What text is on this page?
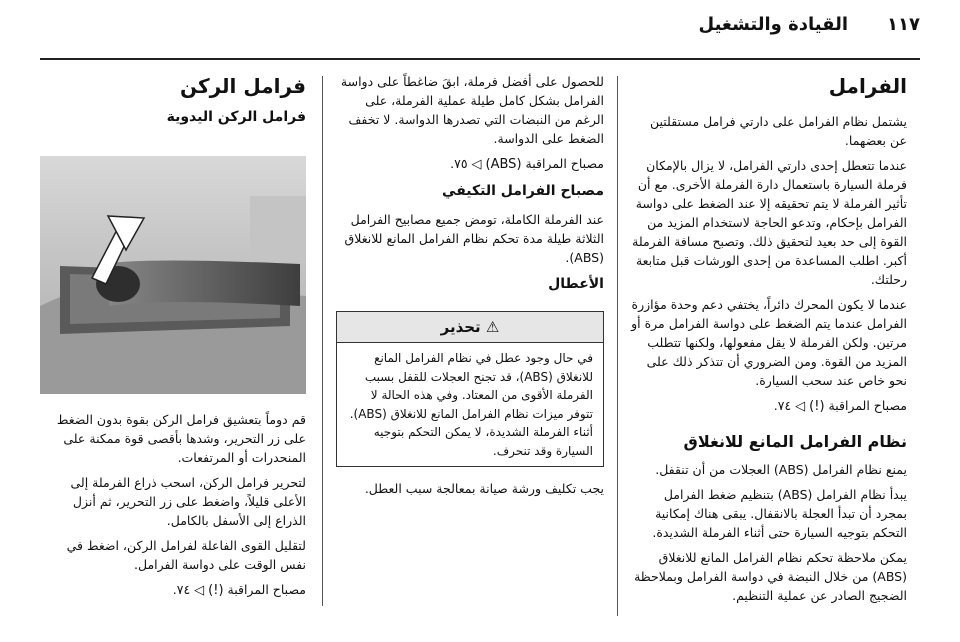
١١٧
القيادة والتشغيل
الفرامل

يشتمل نظام الفرامل على دارتي فرامل مستقلتين عن بعضهما.

عندما تتعطل إحدى دارتي الفرامل، لا يزال بالإمكان فرملة السيارة باستعمال دارة الفرملة الأخرى. مع أن تأثير الفرملة لا يتم تحقيقه إلا عند الضغط على دواسة الفرامل بإحكام، وتدعو الحاجة لاستخدام المزيد من القوة إلى حد بعيد لتحقيق ذلك. وتصبح مسافة الفرملة أكبر. اطلب المساعدة من إحدى الورشات قبل متابعة رحلتك.

عندما لا يكون المحرك دائراً، يختفي دعم وحدة مؤازرة الفرامل عندما يتم الضغط على دواسة الفرامل مرة أو مرتين. ولكن الفرملة لا يقل مفعولها، ولكنها تتطلب المزيد من القوة. ومن الضروري أن تتذكر ذلك على نحو خاص عند سحب السيارة.

مصباح المراقبة (!) ◁ ٧٤.

نظام الفرامل المانع للانغلاق

يمنع نظام الفرامل (ABS) العجلات من أن تنقفل.

يبدأ نظام الفرامل (ABS) بتنظيم ضغط الفرامل بمجرد أن تبدأ العجلة بالانقفال. يبقى هناك إمكانية التحكم بتوجيه السيارة حتى أثناء الفرملة الشديدة.

يمكن ملاحظة تحكم نظام الفرامل المانع للانغلاق (ABS) من خلال النبضة في دواسة الفرامل وبملاحظة الضجيج الصادر عن عملية التنظيم.

للحصول على أفضل فرملة، ابقَ ضاغطاً على دواسة الفرامل بشكل كامل طيلة عملية الفرملة، على الرغم من النبضات التي تصدرها الدواسة. لا تخفف الضغط على الدواسة.

مصباح المراقبة (ABS) ◁ ٧٥.

مصباح الفرامل التكيفي

عند الفرملة الكاملة، تومض جميع مصابيح الفرامل الثلاثة طيلة مدة تحكم نظام الفرامل المانع للانغلاق (ABS).

الأعطال
⚠ تحذير
في حال وجود عطل في نظام الفرامل المانع للانغلاق (ABS)، قد تجنح العجلات للقفل بسبب الفرملة الأقوى من المعتاد. وفي هذه الحالة لا تتوفر ميزات نظام الفرامل المانع للانغلاق (ABS). أثناء الفرملة الشديدة، لا يمكن التحكم بتوجيه السيارة وقد تنحرف.

يجب تكليف ورشة صيانة بمعالجة سبب العطل.

فرامل الركن
فرامل الركن اليدوية

قم دوماً بتعشيق فرامل الركن بقوة بدون الضغط على زر التحرير، وشدها بأقصى قوة ممكنة على المنحدرات أو المرتفعات.

لتحرير فرامل الركن، اسحب ذراع الفرملة إلى الأعلى قليلاً، واضغط على زر التحرير، ثم أنزل الذراع إلى الأسفل بالكامل.

لتقليل القوى الفاعلة لفرامل الركن، اضغط في نفس الوقت على دواسة الفرامل.

مصباح المراقبة (!) ◁ ٧٤.
